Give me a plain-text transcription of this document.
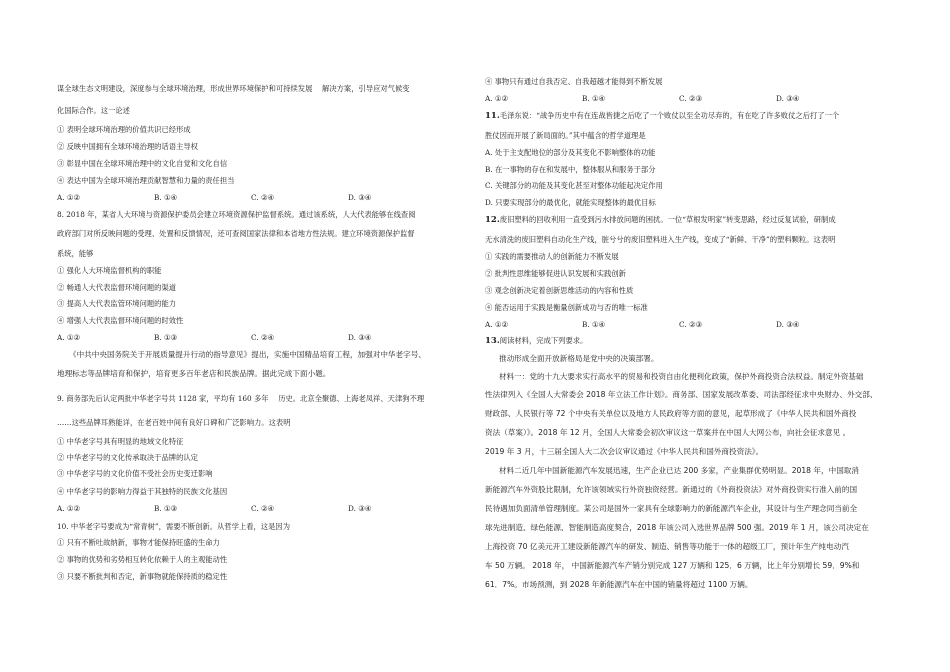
谋全球生态文明建设，深度参与全球环境治理，形成世界环境保护和可持续发展　 解决方案，引导应对气候变
化国际合作。这一论述
① 表明全球环境治理的价值共识已经形成
② 反映中国拥有全球环境治理的话语主导权
③ 彰显中国在全球环境治理中的文化自觉和文化自信
④ 表达中国为全球环境治理贡献智慧和力量的责任担当
A. ①②	B. ①④	C. ②④	D. ③④
8. 2018 年，某省人大环境与资源保护委员会建立环境资源保护监督系统。通过该系统，人大代表能够在线查阅
政府部门对所反映问题的受理、处置和反馈情况，还可查阅国家法律和本省地方性法规。建立环境资源保护监督
系统，能够
① 强化人大环境监督机构的职能
② 畅通人大代表监督环境问题的渠道
③ 提高人大代表监管环境问题的能力
④ 增强人大代表监督环境问题的时效性
A. ①②	B. ①③	C. ②④	D. ③④
《中共中央国务院关于开展质量提升行动的指导意见》提出，实施中国精品培育工程，加强对中华老字号、
地理标志等品牌培育和保护，培育更多百年老店和民族品牌。据此完成下面小题。
9. 商务部先后认定两批中华老字号共 1128 家，平均有 160 多年　 历史。北京全聚德、上海老凤祥、天津狗不理
……这些品牌耳熟能详，在老百姓中间有良好口碑和广泛影响力。这表明
① 中华老字号具有明显的地域文化特征
② 中华老字号的文化传承取决于品牌的认定
③ 中华老字号的文化价值不受社会历史变迁影响
④ 中华老字号的影响力得益于其独特的民族文化基因
A. ①②	B. ①③	C. ②④	D. ③④
10. 中华老字号要成为“常青树”，需要不断创新。从哲学上看，这是因为
① 只有不断吐故纳新，事物才能保持旺盛的生命力
② 事物的优势和劣势相互转化依赖于人的主观能动性
③ 只要不断批判和否定，新事物就能保持质的稳定性
④ 事物只有通过自我否定、自我超越才能得到不断发展
A. ①②	B. ①④	C. ②③	D. ③④
11.毛泽东说：“战争历史中有在连战皆捷之后吃了一个败仗以至全功尽弃的，有在吃了许多败仗之后打了一个
胜仗因而开展了新局面的。”其中蕴含的哲学道理是
A. 处于主支配地位的部分及其变化不影响整体的功能
B. 在一事物的存在和发展中，整体服从和服务于部分
C. 关键部分的功能及其变化甚至对整体功能起决定作用
D. 只要实现部分的最优化，就能实现整体的最优目标
12.废旧塑料的回收利用一直受到污水排放问题的困扰。一位“草根发明家”转变思路，经过反复试验，研制成
无水清洗的废旧塑料自动化生产线，脏兮兮的废旧塑料进入生产线，变成了“新鲜、干净”的塑料颗粒。这表明
① 实践的需要推动人的创新能力不断发展
② 批判性思维能够促进认识发展和实践创新
③ 观念创新决定着创新思维活动的内容和性质
④ 能否运用于实践是衡量创新成功与否的唯一标准
A. ①②	B. ①④	C. ②③	D. ③④
13.阅读材料，完成下列要求。
推动形成全面开放新格局是党中央的决策部署。
材料一：党的十九大要求实行高水平的贸易和投资自由化便利化政策，保护外商投资合法权益。制定外资基础
性法律列入《全国人大常委会 2018 年立法工作计划》。商务部、国家发展改革委、司法部经征求中央财办、外交部、
财政部、人民银行等 72 个中央有关单位以及地方人民政府等方面的意见，起草形成了《中华人民共和国外商投
资法（草案）》。2018 年 12 月，全国人大常委会初次审议这一草案并在中国人大网公布，向社会征求意见 。
2019 年 3 月，十三届全国人大二次会议审议通过《中华人民共和国外商投资法》。
材料二近几年中国新能源汽车发展迅速，生产企业已达 200 多家，产业集群优势明显。2018 年，中国取消
新能源汽车外资股比限制，允许该领域实行外资独资经营。新通过的《外商投资法》对外商投资实行准入前的国
民待遇加负面清单管理制度。某公司是国外一家具有全球影响力的新能源汽车企业，其设计与生产理念同当前全
球先进制造、绿色能源、智能制造高度契合，2018 年该公司入选世界品牌 500 强。2019 年 1 月，该公司决定在
上海投资 70 亿美元开工建设新能源汽车的研发、制造、销售等功能于一体的超级工厂，预计年生产纯电动汽
车 50 万辆。 2018 年， 中国新能源汽车产销分别完成 127 万辆和 125．6 万辆，比上年分别增长 59．9%和
61．7%。市场预测，到 2028 年新能源汽车在中国的销量将超过 1100 万辆。
